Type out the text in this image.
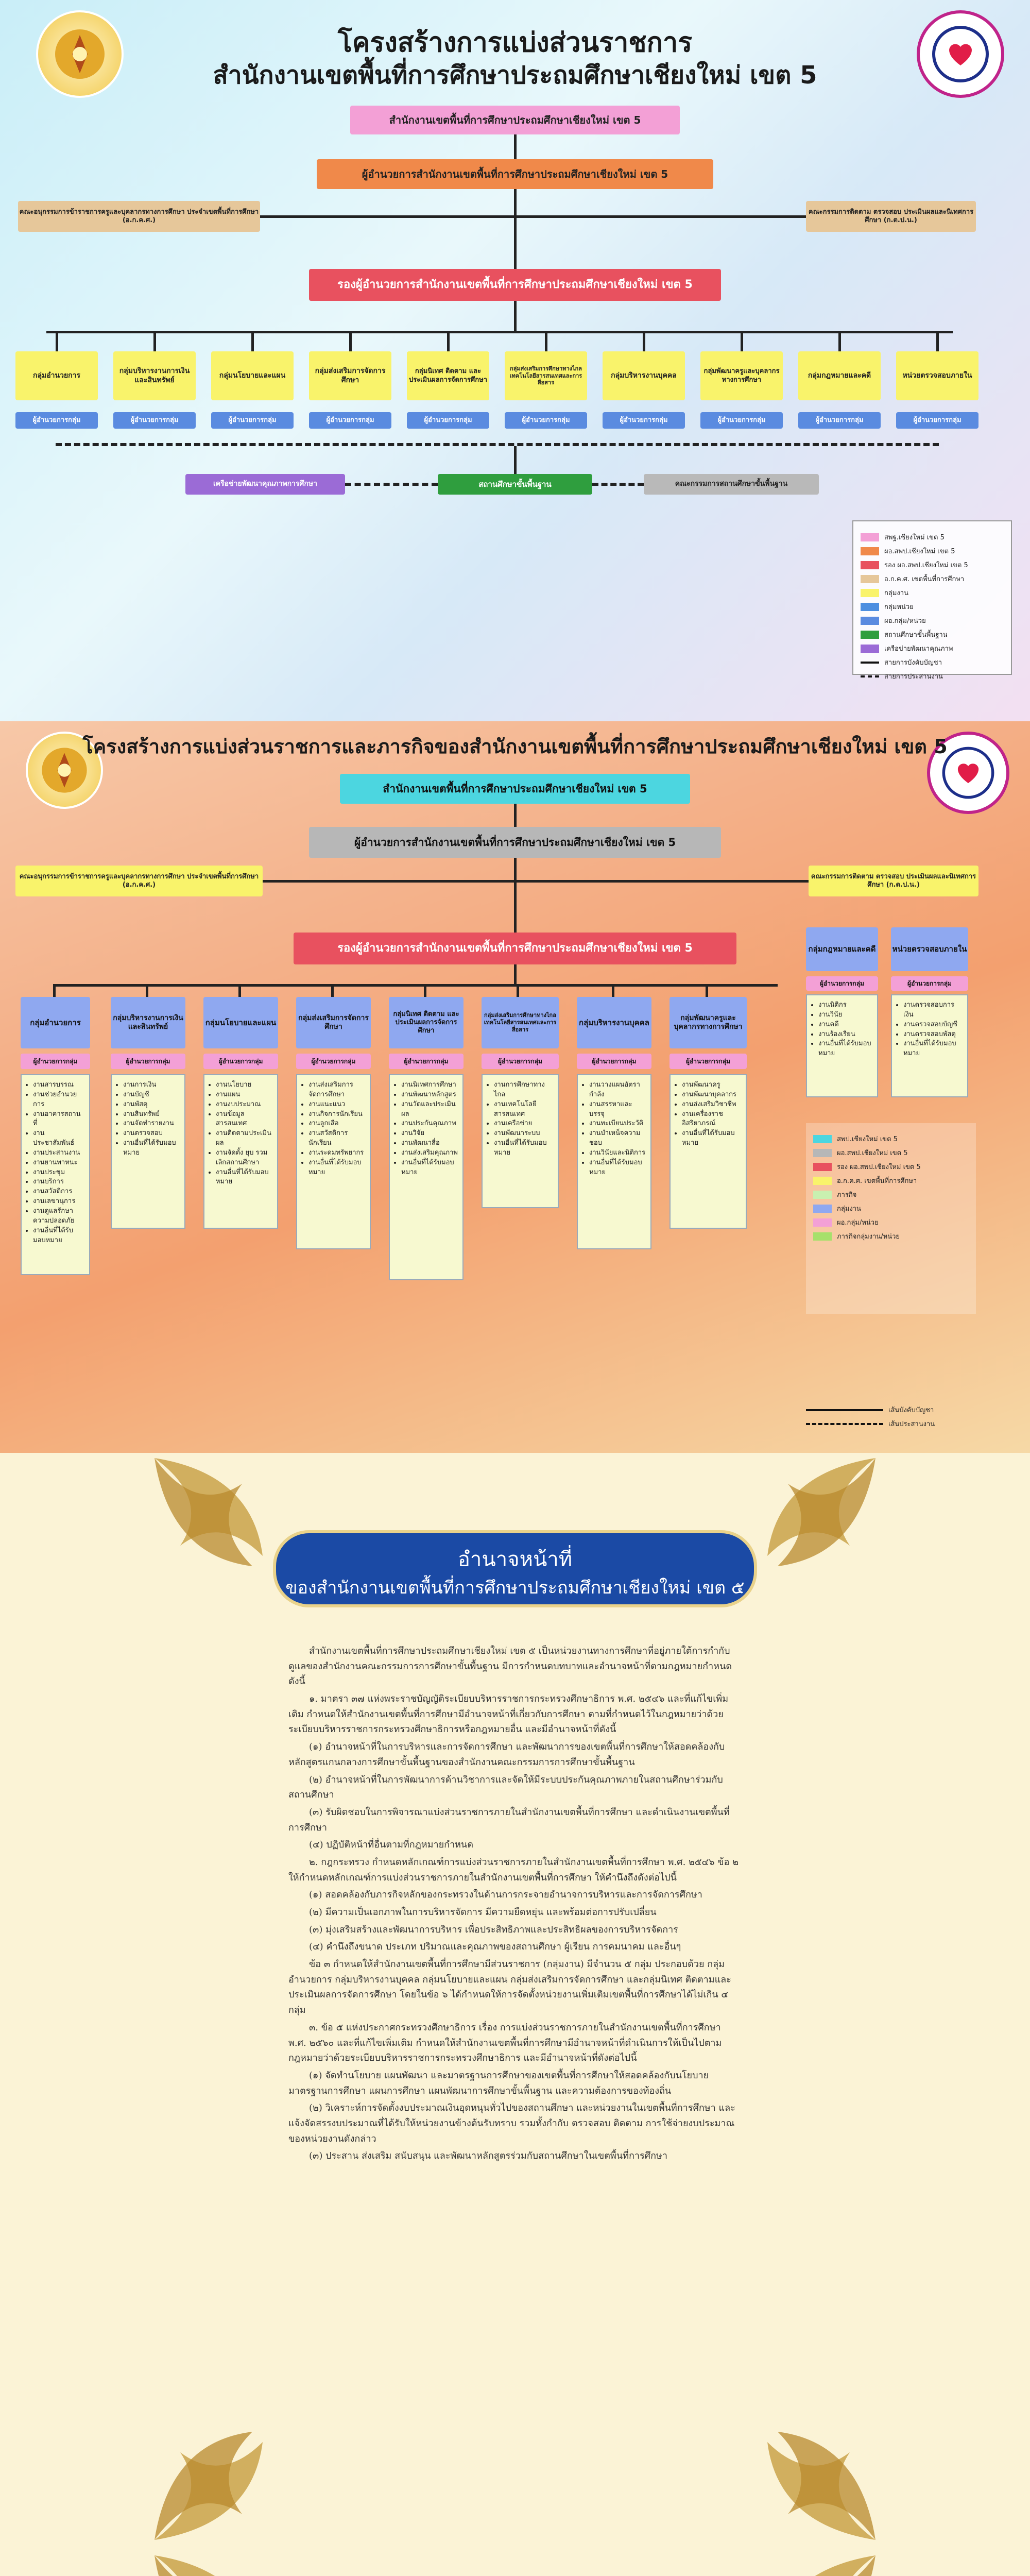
โครงสร้างการแบ่งส่วนราชการ
สำนักงานเขตพื้นที่การศึกษาประถมศึกษาเชียงใหม่ เขต 5
สำนักงานเขตพื้นที่การศึกษาประถมศึกษาเชียงใหม่ เขต 5
ผู้อำนวยการสำนักงานเขตพื้นที่การศึกษาประถมศึกษาเชียงใหม่ เขต 5
คณะอนุกรรมการข้าราชการครูและบุคลากรทางการศึกษา ประจำเขตพื้นที่การศึกษา (อ.ก.ค.ศ.)
คณะกรรมการติดตาม ตรวจสอบ ประเมินผลและนิเทศการศึกษา (ก.ต.ป.น.)
รองผู้อำนวยการสำนักงานเขตพื้นที่การศึกษาประถมศึกษาเชียงใหม่ เขต 5
กลุ่มอำนวยการ
ผู้อำนวยการกลุ่ม
กลุ่มบริหารงานการเงินและสินทรัพย์
ผู้อำนวยการกลุ่ม
กลุ่มนโยบายและแผน
ผู้อำนวยการกลุ่ม
กลุ่มส่งเสริมการจัดการศึกษา
ผู้อำนวยการกลุ่ม
กลุ่มนิเทศ ติดตาม และประเมินผลการจัดการศึกษา
ผู้อำนวยการกลุ่ม
กลุ่มส่งเสริมการศึกษาทางไกล เทคโนโลยีสารสนเทศและการสื่อสาร
ผู้อำนวยการกลุ่ม
กลุ่มบริหารงานบุคคล
ผู้อำนวยการกลุ่ม
กลุ่มพัฒนาครูและบุคลากรทางการศึกษา
ผู้อำนวยการกลุ่ม
กลุ่มกฎหมายและคดี
ผู้อำนวยการกลุ่ม
หน่วยตรวจสอบภายใน
ผู้อำนวยการกลุ่ม
เครือข่ายพัฒนาคุณภาพการศึกษา	สถานศึกษาขั้นพื้นฐาน	คณะกรรมการสถานศึกษาขั้นพื้นฐาน
สพฐ.เชียงใหม่ เขต 5
ผอ.สพป.เชียงใหม่ เขต 5
รอง ผอ.สพป.เชียงใหม่ เขต 5
อ.ก.ค.ศ. เขตพื้นที่การศึกษา
กลุ่มงาน
กลุ่มหน่วย
ผอ.กลุ่ม/หน่วย
สถานศึกษาขั้นพื้นฐาน
เครือข่ายพัฒนาคุณภาพ
สายการบังคับบัญชา
สายการประสานงาน
โครงสร้างการแบ่งส่วนราชการและภารกิจของสำนักงานเขตพื้นที่การศึกษาประถมศึกษาเชียงใหม่ เขต 5
สำนักงานเขตพื้นที่การศึกษาประถมศึกษาเชียงใหม่ เขต 5
ผู้อำนวยการสำนักงานเขตพื้นที่การศึกษาประถมศึกษาเชียงใหม่ เขต 5
คณะอนุกรรมการข้าราชการครูและบุคลากรทางการศึกษา ประจำเขตพื้นที่การศึกษา (อ.ก.ค.ศ.)
คณะกรรมการติดตาม ตรวจสอบ ประเมินผลและนิเทศการศึกษา (ก.ต.ป.น.)
รองผู้อำนวยการสำนักงานเขตพื้นที่การศึกษาประถมศึกษาเชียงใหม่ เขต 5
กลุ่มอำนวยการ
ผู้อำนวยการกลุ่ม
• งานสารบรรณ
• งานช่วยอำนวยการ
• งานอาคารสถานที่
• งานประชาสัมพันธ์
• งานประสานงาน
• งานยานพาหนะ
• งานประชุม
• งานบริการ
• งานสวัสดิการ
• งานเลขานุการ
• งานดูแลรักษาความปลอดภัย
• งานอื่นที่ได้รับมอบหมาย
กลุ่มบริหารงานการเงินและสินทรัพย์
ผู้อำนวยการกลุ่ม
• งานการเงิน
• งานบัญชี
• งานพัสดุ
• งานสินทรัพย์
• งานจัดทำรายงาน
• งานตรวจสอบ
• งานอื่นที่ได้รับมอบหมาย
กลุ่มนโยบายและแผน
ผู้อำนวยการกลุ่ม
• งานนโยบาย
• งานแผน
• งานงบประมาณ
• งานข้อมูลสารสนเทศ
• งานติดตามประเมินผล
• งานจัดตั้ง ยุบ รวม เลิกสถานศึกษา
• งานอื่นที่ได้รับมอบหมาย
กลุ่มส่งเสริมการจัดการศึกษา
ผู้อำนวยการกลุ่ม
• งานส่งเสริมการจัดการศึกษา
• งานแนะแนว
• งานกิจการนักเรียน
• งานลูกเสือ
• งานสวัสดิการนักเรียน
• งานระดมทรัพยากร
• งานอื่นที่ได้รับมอบหมาย
กลุ่มนิเทศ ติดตาม และประเมินผลการจัดการศึกษา
ผู้อำนวยการกลุ่ม
• งานนิเทศการศึกษา
• งานพัฒนาหลักสูตร
• งานวัดและประเมินผล
• งานประกันคุณภาพ
• งานวิจัย
• งานพัฒนาสื่อ
• งานส่งเสริมคุณภาพ
• งานอื่นที่ได้รับมอบหมาย
กลุ่มส่งเสริมการศึกษาทางไกล เทคโนโลยีสารสนเทศและการสื่อสาร
ผู้อำนวยการกลุ่ม
• งานการศึกษาทางไกล
• งานเทคโนโลยีสารสนเทศ
• งานเครือข่าย
• งานพัฒนาระบบ
• งานอื่นที่ได้รับมอบหมาย
กลุ่มบริหารงานบุคคล
ผู้อำนวยการกลุ่ม
• งานวางแผนอัตรากำลัง
• งานสรรหาและบรรจุ
• งานทะเบียนประวัติ
• งานบำเหน็จความชอบ
• งานวินัยและนิติการ
• งานอื่นที่ได้รับมอบหมาย
กลุ่มพัฒนาครูและบุคลากรทางการศึกษา
ผู้อำนวยการกลุ่ม
• งานพัฒนาครู
• งานพัฒนาบุคลากร
• งานส่งเสริมวิชาชีพ
• งานเครื่องราชอิสริยาภรณ์
• งานอื่นที่ได้รับมอบหมาย
กลุ่มกฎหมายและคดี
ผู้อำนวยการกลุ่ม
• งานนิติกร
• งานวินัย
• งานคดี
• งานร้องเรียน
• งานอื่นที่ได้รับมอบหมาย
หน่วยตรวจสอบภายใน
ผู้อำนวยการกลุ่ม
• งานตรวจสอบการเงิน
• งานตรวจสอบบัญชี
• งานตรวจสอบพัสดุ
• งานอื่นที่ได้รับมอบหมาย
สพป.เชียงใหม่ เขต 5
ผอ.สพป.เชียงใหม่ เขต 5
รอง ผอ.สพป.เชียงใหม่ เขต 5
อ.ก.ค.ศ. เขตพื้นที่การศึกษา
ภารกิจ
กลุ่มงาน
ผอ.กลุ่ม/หน่วย
ภารกิจกลุ่มงาน/หน่วย
เส้นบังคับบัญชา
เส้นประสานงาน
อำนาจหน้าที่
ของสำนักงานเขตพื้นที่การศึกษาประถมศึกษาเชียงใหม่ เขต ๕

สำนักงานเขตพื้นที่การศึกษาประถมศึกษาเชียงใหม่ เขต ๕ เป็นหน่วยงานทางการศึกษาที่อยู่ภายใต้การกำกับดูแลของสำนักงานคณะกรรมการการศึกษาขั้นพื้นฐาน มีการกำหนดบทบาทและอำนาจหน้าที่ตามกฎหมายกำหนด ดังนี้

๑. มาตรา ๓๗ แห่งพระราชบัญญัติระเบียบบริหารราชการกระทรวงศึกษาธิการ พ.ศ. ๒๕๔๖ และที่แก้ไขเพิ่มเติม กำหนดให้สำนักงานเขตพื้นที่การศึกษามีอำนาจหน้าที่เกี่ยวกับการศึกษา ตามที่กำหนดไว้ในกฎหมายว่าด้วยระเบียบบริหารราชการกระทรวงศึกษาธิการหรือกฎหมายอื่น และมีอำนาจหน้าที่ดังนี้

(๑) อำนาจหน้าที่ในการบริหารและการจัดการศึกษา และพัฒนาการของเขตพื้นที่การศึกษาให้สอดคล้องกับหลักสูตรแกนกลางการศึกษาขั้นพื้นฐานของสำนักงานคณะกรรมการการศึกษาขั้นพื้นฐาน

(๒) อำนาจหน้าที่ในการพัฒนาการด้านวิชาการและจัดให้มีระบบประกันคุณภาพภายในสถานศึกษาร่วมกับสถานศึกษา

(๓) รับผิดชอบในการพิจารณาแบ่งส่วนราชการภายในสำนักงานเขตพื้นที่การศึกษา และดำเนินงานเขตพื้นที่การศึกษา

(๔) ปฏิบัติหน้าที่อื่นตามที่กฎหมายกำหนด

๒. กฎกระทรวง กำหนดหลักเกณฑ์การแบ่งส่วนราชการภายในสำนักงานเขตพื้นที่การศึกษา พ.ศ. ๒๕๔๖ ข้อ ๒ ให้กำหนดหลักเกณฑ์การแบ่งส่วนราชการภายในสำนักงานเขตพื้นที่การศึกษา ให้คำนึงถึงดังต่อไปนี้

(๑) สอดคล้องกับภารกิจหลักของกระทรวงในด้านการกระจายอำนาจการบริหารและการจัดการศึกษา

(๒) มีความเป็นเอกภาพในการบริหารจัดการ มีความยืดหยุ่น และพร้อมต่อการปรับเปลี่ยน

(๓) มุ่งเสริมสร้างและพัฒนาการบริหาร เพื่อประสิทธิภาพและประสิทธิผลของการบริหารจัดการ

(๔) คำนึงถึงขนาด ประเภท ปริมาณและคุณภาพของสถานศึกษา ผู้เรียน การคมนาคม และอื่นๆ

ข้อ ๓ กำหนดให้สำนักงานเขตพื้นที่การศึกษามีส่วนราชการ (กลุ่มงาน) มีจำนวน ๕ กลุ่ม ประกอบด้วย กลุ่มอำนวยการ กลุ่มบริหารงานบุคคล กลุ่มนโยบายและแผน กลุ่มส่งเสริมการจัดการศึกษา และกลุ่มนิเทศ ติดตามและประเมินผลการจัดการศึกษา โดยในข้อ ๖ ได้กำหนดให้การจัดตั้งหน่วยงานเพิ่มเติมเขตพื้นที่การศึกษาได้ไม่เกิน ๔ กลุ่ม

๓. ข้อ ๕ แห่งประกาศกระทรวงศึกษาธิการ เรื่อง การแบ่งส่วนราชการภายในสำนักงานเขตพื้นที่การศึกษา พ.ศ. ๒๕๖๐ และที่แก้ไขเพิ่มเติม กำหนดให้สำนักงานเขตพื้นที่การศึกษามีอำนาจหน้าที่ดำเนินการให้เป็นไปตามกฎหมายว่าด้วยระเบียบบริหารราชการกระทรวงศึกษาธิการ และมีอำนาจหน้าที่ดังต่อไปนี้

(๑) จัดทำนโยบาย แผนพัฒนา และมาตรฐานการศึกษาของเขตพื้นที่การศึกษาให้สอดคล้องกับนโยบาย มาตรฐานการศึกษา แผนการศึกษา แผนพัฒนาการศึกษาขั้นพื้นฐาน และความต้องการของท้องถิ่น

(๒) วิเคราะห์การจัดตั้งงบประมาณเงินอุดหนุนทั่วไปของสถานศึกษา และหน่วยงานในเขตพื้นที่การศึกษา และแจ้งจัดสรรงบประมาณที่ได้รับให้หน่วยงานข้างต้นรับทราบ รวมทั้งกำกับ ตรวจสอบ ติดตาม การใช้จ่ายงบประมาณของหน่วยงานดังกล่าว

(๓) ประสาน ส่งเสริม สนับสนุน และพัฒนาหลักสูตรร่วมกับสถานศึกษาในเขตพื้นที่การศึกษา
